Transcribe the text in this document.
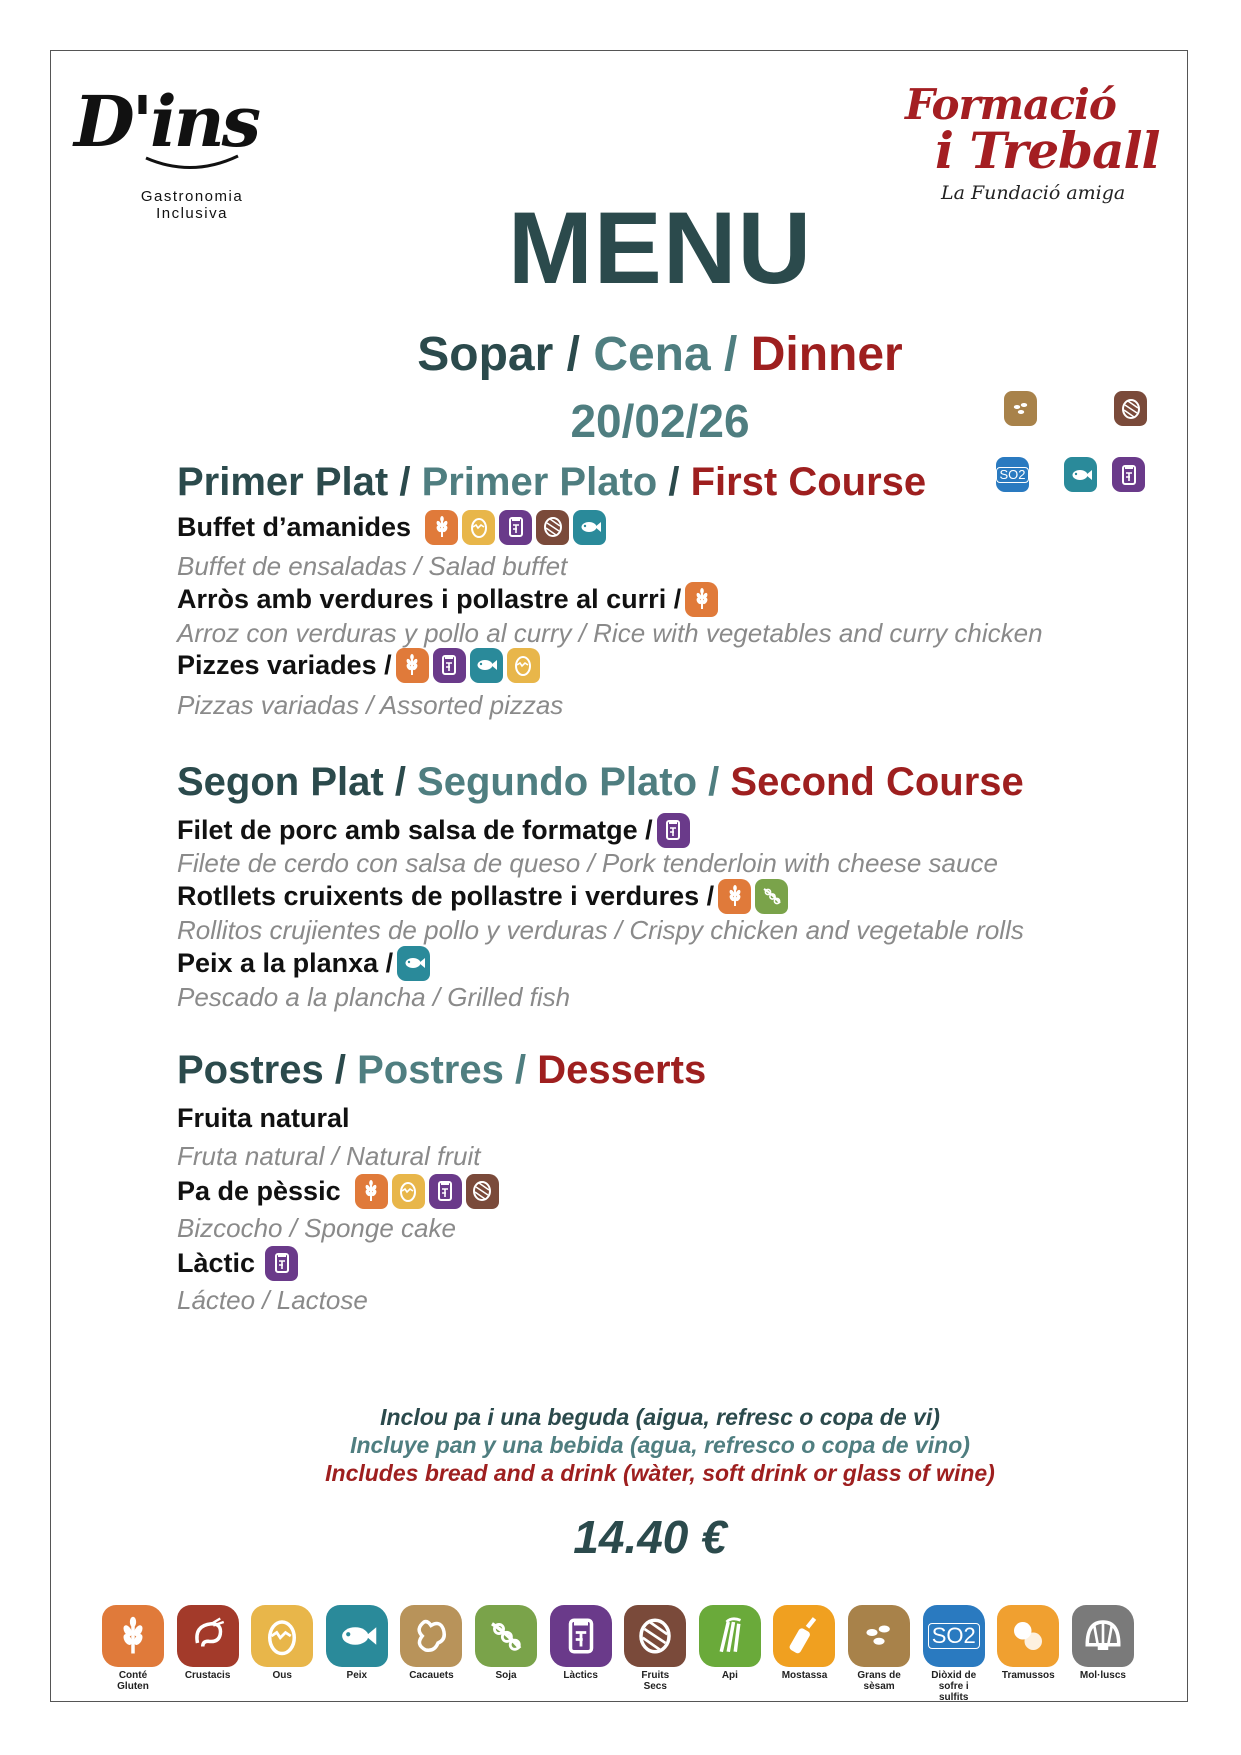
D'ins
Gastronomia
Inclusiva
Formació
i Treball
La Fundació amiga
MENU
Sopar / Cena / Dinner
20/02/26
SO2
Primer Plat / Primer Plato / First Course
Buffet d’amanides
Buffet de ensaladas / Salad buffet
Arròs amb verdures i pollastre al curri /
Arroz con verduras y pollo al curry / Rice with vegetables and curry chicken
Pizzes variades /
Pizzas variadas / Assorted pizzas
Segon Plat / Segundo Plato / Second Course
Filet de porc amb salsa de formatge /
Filete de cerdo con salsa de queso / Pork tenderloin with cheese sauce
Rotllets cruixents de pollastre i verdures /
Rollitos crujientes de pollo y verduras / Crispy chicken and vegetable rolls
Peix a la planxa /
Pescado a la plancha / Grilled fish
Postres / Postres / Desserts
Fruita natural
Fruta natural / Natural fruit
Pa de pèssic
Bizcocho / Sponge cake
Làctic
Lácteo / Lactose
Inclou pa i una beguda (aigua, refresc o copa de vi)
Incluye pan y una bebida (agua, refresco o copa de vino)
Includes bread and a drink (wàter, soft drink or glass of wine)
14.40 €
Conté
Gluten
Crustacis	Ous	Peix	Cacauets	Soja	Làctics	Fruits
Secs
Api	Mostassa	Grans de
sèsam
SO2
Diòxid de
sofre i
sulfits
Tramussos	Mol·luscs
